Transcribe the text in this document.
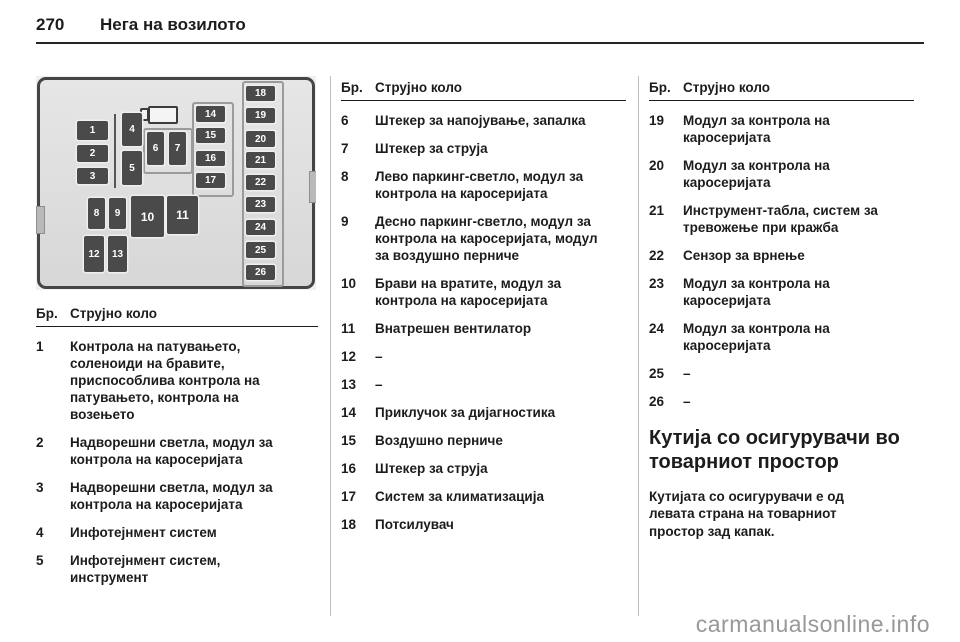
270	Нега на возилото
1
2
3
4
5
6	7
8	9	10	11
12	13
14
15
16
17
18
19
20
21
22
23
24
25
26
Бр. Струјно коло
1	Контрола на патувањето, соленоиди на бравите, приспособлива контрола на патувањето, контрола на возењето
2	Надворешни светла, модул за контрола на каросеријата
3	Надворешни светла, модул за контрола на каросеријата
4	Инфотејнмент систем
5	Инфотејнмент систем, инструмент
Бр. Струјно коло
6	Штекер за напојување, запалка
7	Штекер за струја
8	Лево паркинг-светло, модул за контрола на каросеријата
9	Десно паркинг-светло, модул за контрола на каросеријата, модул за воздушно перниче
10	Брави на вратите, модул за контрола на каросеријата
11	Внатрешен вентилатор
12	–
13	–
14	Приклучок за дијагностика
15	Воздушно перниче
16	Штекер за струја
17	Систем за климатизација
18	Потсилувач
Бр. Струјно коло
19	Модул за контрола на каросеријата
20	Модул за контрола на каросеријата
21	Инструмент-табла, систем за тревожење при кражба
22	Сензор за врнење
23	Модул за контрола на каросеријата
24	Модул за контрола на каросеријата
25	–
26	–
Кутија со осигурувачи во товарниот простор

Кутијата со осигурувачи е од левата страна на товарниот простор зад капак.

carmanualsonline.info
